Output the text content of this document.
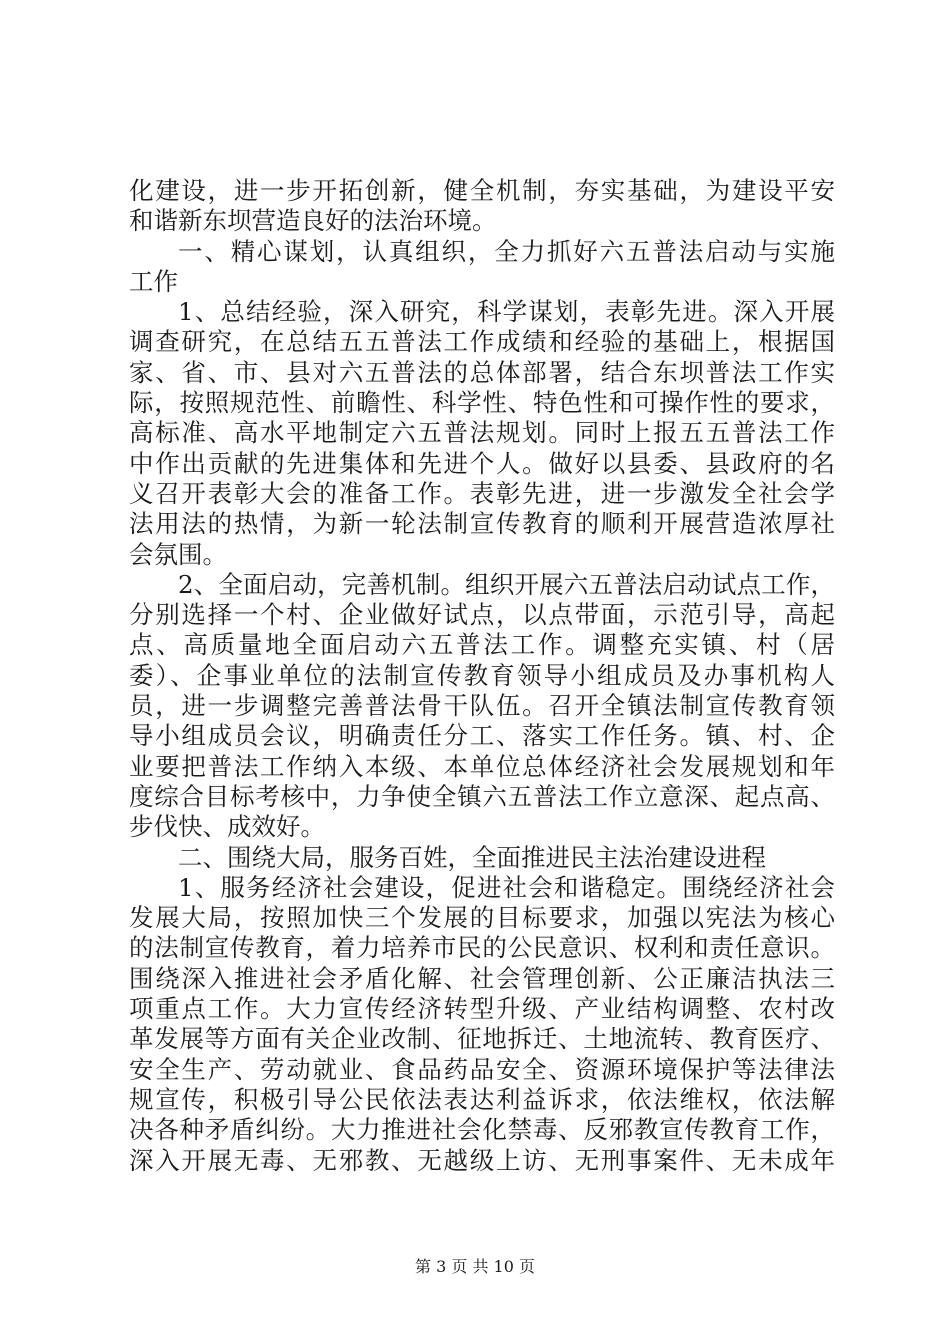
化建设，进一步开拓创新，健全机制，夯实基础，为建设平安
和谐新东坝营造良好的法治环境。
一、精心谋划，认真组织，全力抓好六五普法启动与实施
工作
1、总结经验，深入研究，科学谋划，表彰先进。深入开展
调查研究，在总结五五普法工作成绩和经验的基础上，根据国
家、省、市、县对六五普法的总体部署，结合东坝普法工作实
际，按照规范性、前瞻性、科学性、特色性和可操作性的要求，
高标准、高水平地制定六五普法规划。同时上报五五普法工作
中作出贡献的先进集体和先进个人。做好以县委、县政府的名
义召开表彰大会的准备工作。表彰先进，进一步激发全社会学
法用法的热情，为新一轮法制宣传教育的顺利开展营造浓厚社
会氛围。
2、全面启动，完善机制。组织开展六五普法启动试点工作，
分别选择一个村、企业做好试点，以点带面，示范引导，高起
点、高质量地全面启动六五普法工作。调整充实镇、村（居
委）、企事业单位的法制宣传教育领导小组成员及办事机构人
员，进一步调整完善普法骨干队伍。召开全镇法制宣传教育领
导小组成员会议，明确责任分工、落实工作任务。镇、村、企
业要把普法工作纳入本级、本单位总体经济社会发展规划和年
度综合目标考核中，力争使全镇六五普法工作立意深、起点高、
步伐快、成效好。
二、围绕大局，服务百姓，全面推进民主法治建设进程
1、服务经济社会建设，促进社会和谐稳定。围绕经济社会
发展大局，按照加快三个发展的目标要求，加强以宪法为核心
的法制宣传教育，着力培养市民的公民意识、权利和责任意识。
围绕深入推进社会矛盾化解、社会管理创新、公正廉洁执法三
项重点工作。大力宣传经济转型升级、产业结构调整、农村改
革发展等方面有关企业改制、征地拆迁、土地流转、教育医疗、
安全生产、劳动就业、食品药品安全、资源环境保护等法律法
规宣传，积极引导公民依法表达利益诉求，依法维权，依法解
决各种矛盾纠纷。大力推进社会化禁毒、反邪教宣传教育工作，
深入开展无毒、无邪教、无越级上访、无刑事案件、无未成年
第 3 页 共 10 页
